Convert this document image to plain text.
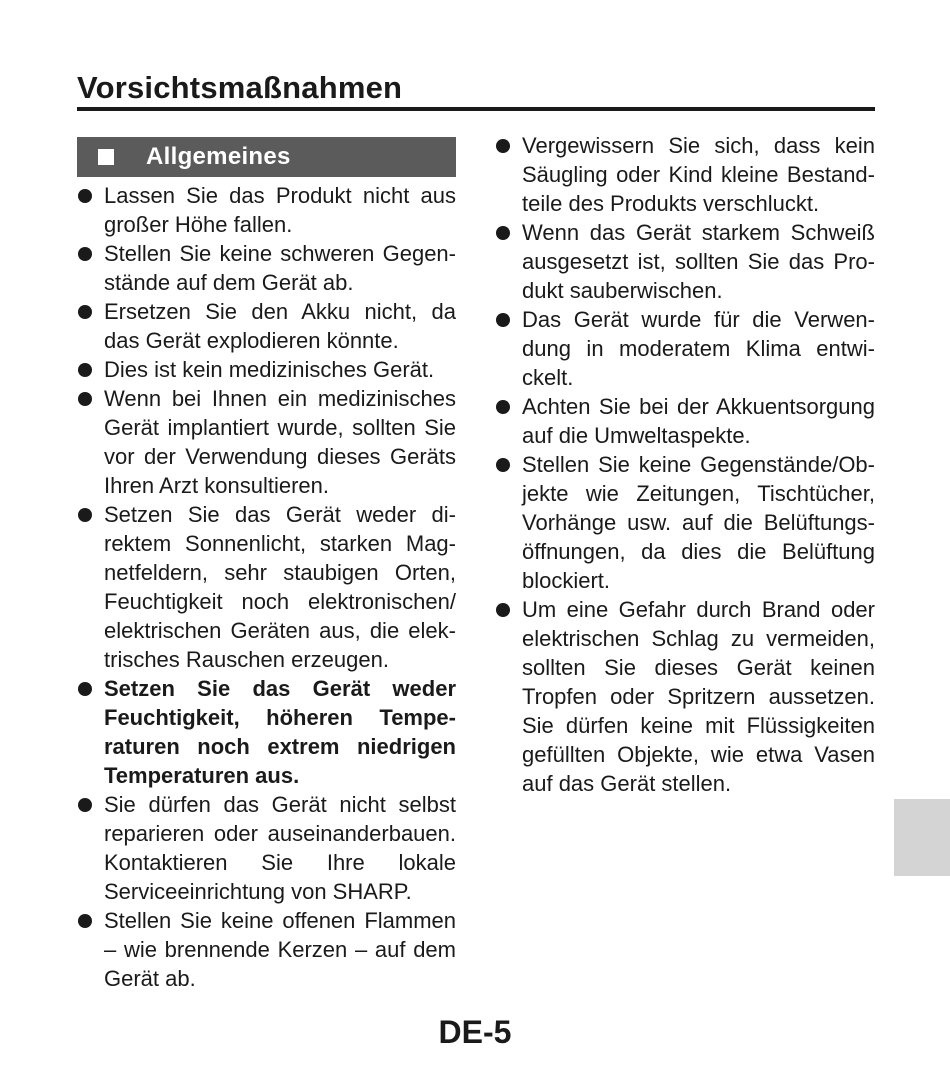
Vorsichtsmaßnahmen
Allgemeines
Lassen Sie das Produkt nicht aus großer Höhe fallen.
Stellen Sie keine schweren Gegenstände auf dem Gerät ab.
Ersetzen Sie den Akku nicht, da das Gerät explodieren könnte.
Dies ist kein medizinisches Gerät.
Wenn bei Ihnen ein medizinisches Gerät implantiert wurde, sollten Sie vor der Verwendung dieses Geräts Ihren Arzt konsultieren.
Setzen Sie das Gerät weder direktem Sonnenlicht, starken Magnetfeldern, sehr staubigen Orten, Feuchtigkeit noch elektronischen/ elektrischen Geräten aus, die elektrisches Rauschen erzeugen.
Setzen Sie das Gerät weder Feuchtigkeit, höheren Temperaturen noch extrem niedrigen Temperaturen aus.
Sie dürfen das Gerät nicht selbst reparieren oder auseinanderbauen. Kontaktieren Sie Ihre lokale Serviceeinrichtung von SHARP.
Stellen Sie keine offenen Flammen – wie brennende Kerzen – auf dem Gerät ab.
Vergewissern Sie sich, dass kein Säugling oder Kind kleine Bestandteile des Produkts verschluckt.
Wenn das Gerät starkem Schweiß ausgesetzt ist, sollten Sie das Produkt sauberwischen.
Das Gerät wurde für die Verwendung in moderatem Klima entwickelt.
Achten Sie bei der Akkuentsorgung auf die Umweltaspekte.
Stellen Sie keine Gegenstände/Objekte wie Zeitungen, Tischtücher, Vorhänge usw. auf die Belüftungsöffnungen, da dies die Belüftung blockiert.
Um eine Gefahr durch Brand oder elektrischen Schlag zu vermeiden, sollten Sie dieses Gerät keinen Tropfen oder Spritzern aussetzen. Sie dürfen keine mit Flüssigkeiten gefüllten Objekte, wie etwa Vasen auf das Gerät stellen.
DE-5
